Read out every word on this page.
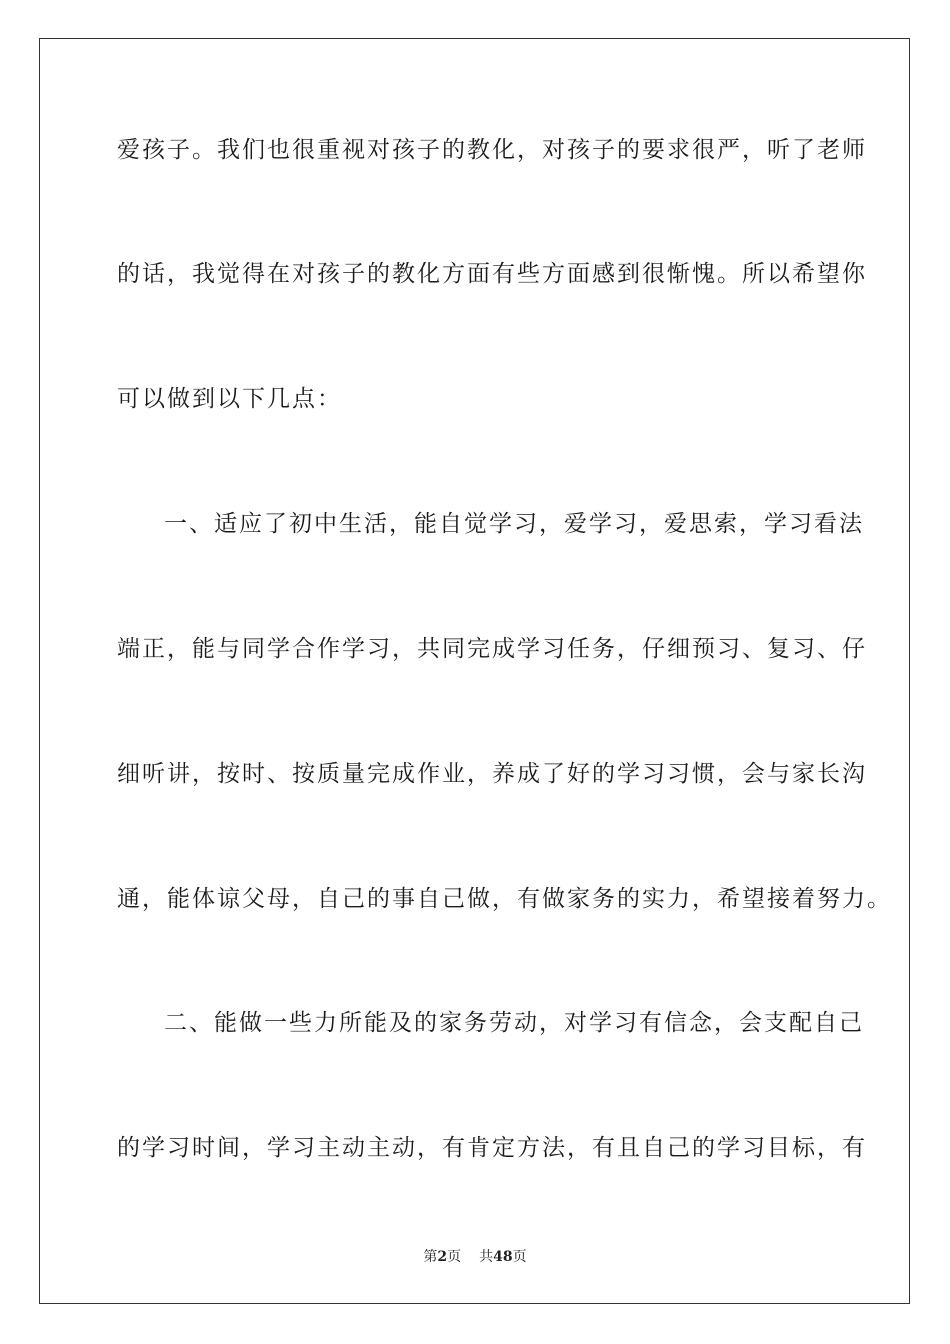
爱孩子。我们也很重视对孩子的教化，对孩子的要求很严，听了老师
的话，我觉得在对孩子的教化方面有些方面感到很惭愧。所以希望你
可以做到以下几点：
一、适应了初中生活，能自觉学习，爱学习，爱思索，学习看法
端正，能与同学合作学习，共同完成学习任务，仔细预习、复习、仔
细听讲，按时、按质量完成作业，养成了好的学习习惯，会与家长沟
通，能体谅父母，自己的事自己做，有做家务的实力，希望接着努力。
二、能做一些力所能及的家务劳动，对学习有信念，会支配自己
的学习时间，学习主动主动，有肯定方法，有且自己的学习目标，有
第2页 共48页
